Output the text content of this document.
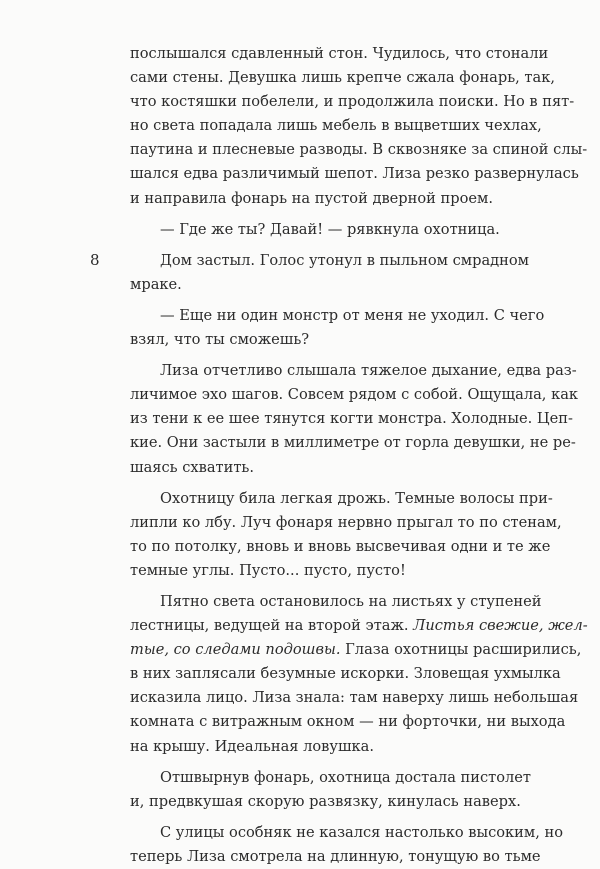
8
послышался сдавленный стон. Чудилось, что стонали
сами стены. Девушка лишь крепче сжала фонарь, так,
что костяшки побелели, и продолжила поиски. Но в пят-
но света попадала лишь мебель в выцветших чехлах,
паутина и плесневые разводы. В сквозняке за спиной слы-
шался едва различимый шепот. Лиза резко развернулась
и направила фонарь на пустой дверной проем.
— Где же ты? Давай! — рявкнула охотница.
Дом застыл. Голос утонул в пыльном смрадном
мраке.
— Еще ни один монстр от меня не уходил. С чего
взял, что ты сможешь?
Лиза отчетливо слышала тяжелое дыхание, едва раз-
личимое эхо шагов. Совсем рядом с собой. Ощущала, как
из тени к ее шее тянутся когти монстра. Холодные. Цеп-
кие. Они застыли в миллиметре от горла девушки, не ре-
шаясь схватить.
Охотницу била легкая дрожь. Темные волосы при-
липли ко лбу. Луч фонаря нервно прыгал то по стенам,
то по потолку, вновь и вновь высвечивая одни и те же
темные углы. Пусто... пусто, пусто!
Пятно света остановилось на листьях у ступеней
лестницы, ведущей на второй этаж. Листья свежие, жел-
тые, со следами подошвы. Глаза охотницы расширились,
в них заплясали безумные искорки. Зловещая ухмылка
исказила лицо. Лиза знала: там наверху лишь небольшая
комната с витражным окном — ни форточки, ни выхода
на крышу. Идеальная ловушка.
Отшвырнув фонарь, охотница достала пистолет
и, предвкушая скорую развязку, кинулась наверх.
С улицы особняк не казался настолько высоким, но
теперь Лиза смотрела на длинную, тонущую во тьме
